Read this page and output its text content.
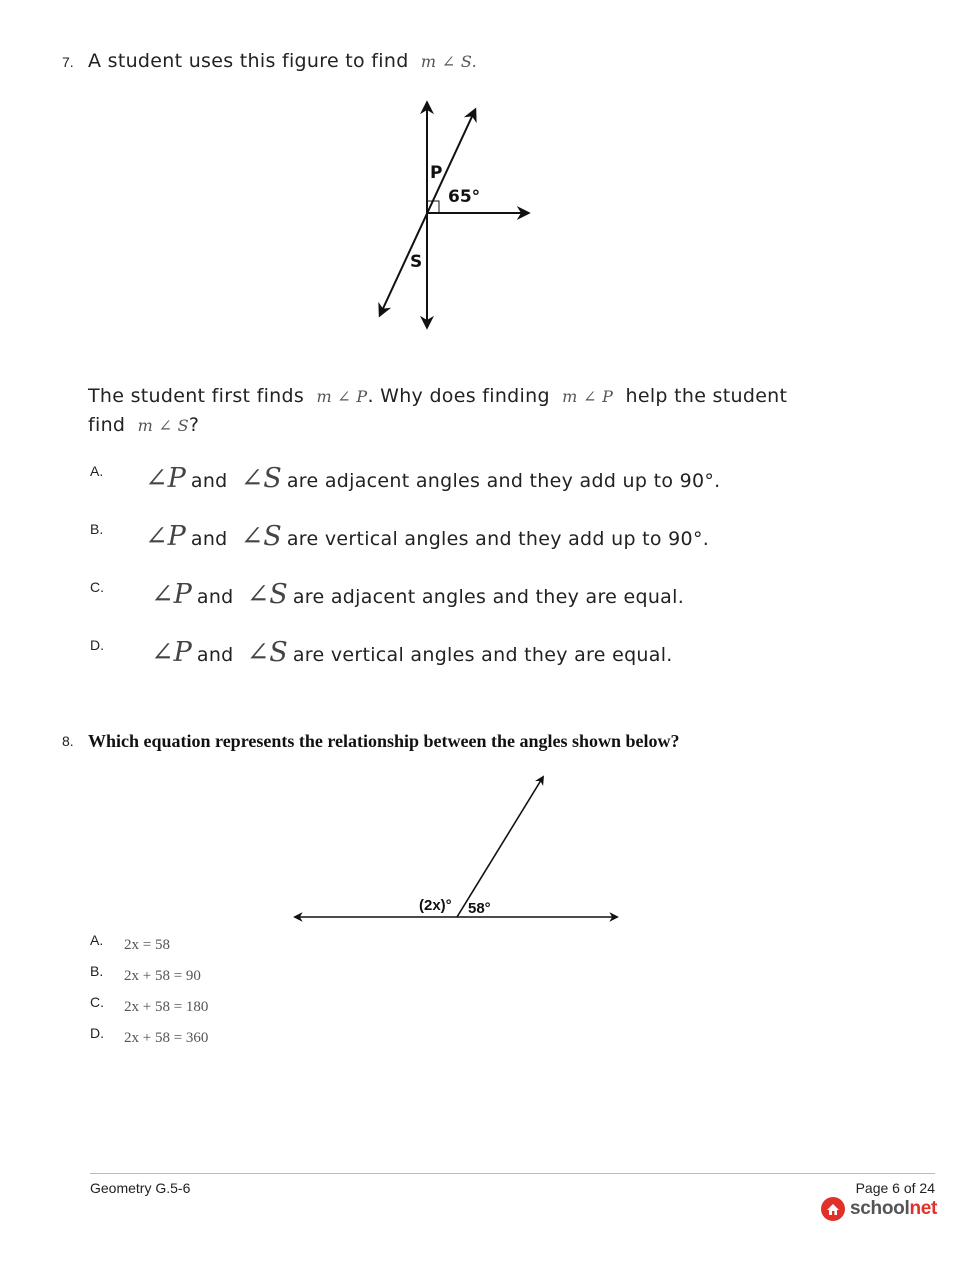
7. A student uses this figure to find m ∠ S.
P
65°
S
The student first finds m ∠ P. Why does finding m ∠ P help the student
find m ∠ S?
A. ∠P and ∠S are adjacent angles and they add up to 90°.
B. ∠P and ∠S are vertical angles and they add up to 90°.
C. ∠P and ∠S are adjacent angles and they are equal.
D. ∠P and ∠S are vertical angles and they are equal.
8. Which equation represents the relationship between the angles shown below?
(2x)° 58°
A. 2x = 58
B. 2x + 58 = 90
C. 2x + 58 = 180
D. 2x + 58 = 360
Geometry G.5-6	Page 6 of 24
school net
